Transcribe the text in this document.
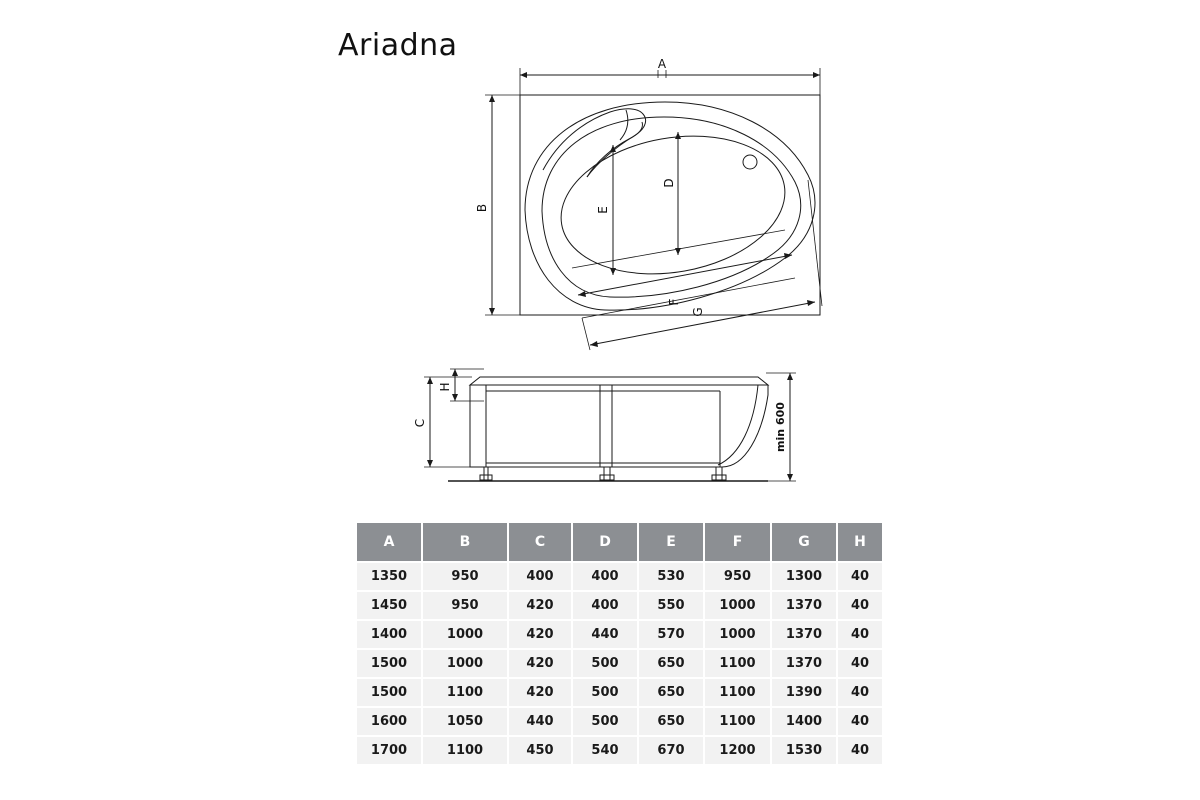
Ariadna
A
B	E
D
F
G
C
H
min 600
A	B	C	D	E	F	G	H
1350	950	400	400	530	950	1300	40
1450	950	420	400	550	1000	1370	40
1400	1000	420	440	570	1000	1370	40
1500	1000	420	500	650	1100	1370	40
1500	1100	420	500	650	1100	1390	40
1600	1050	440	500	650	1100	1400	40
1700	1100	450	540	670	1200	1530	40
